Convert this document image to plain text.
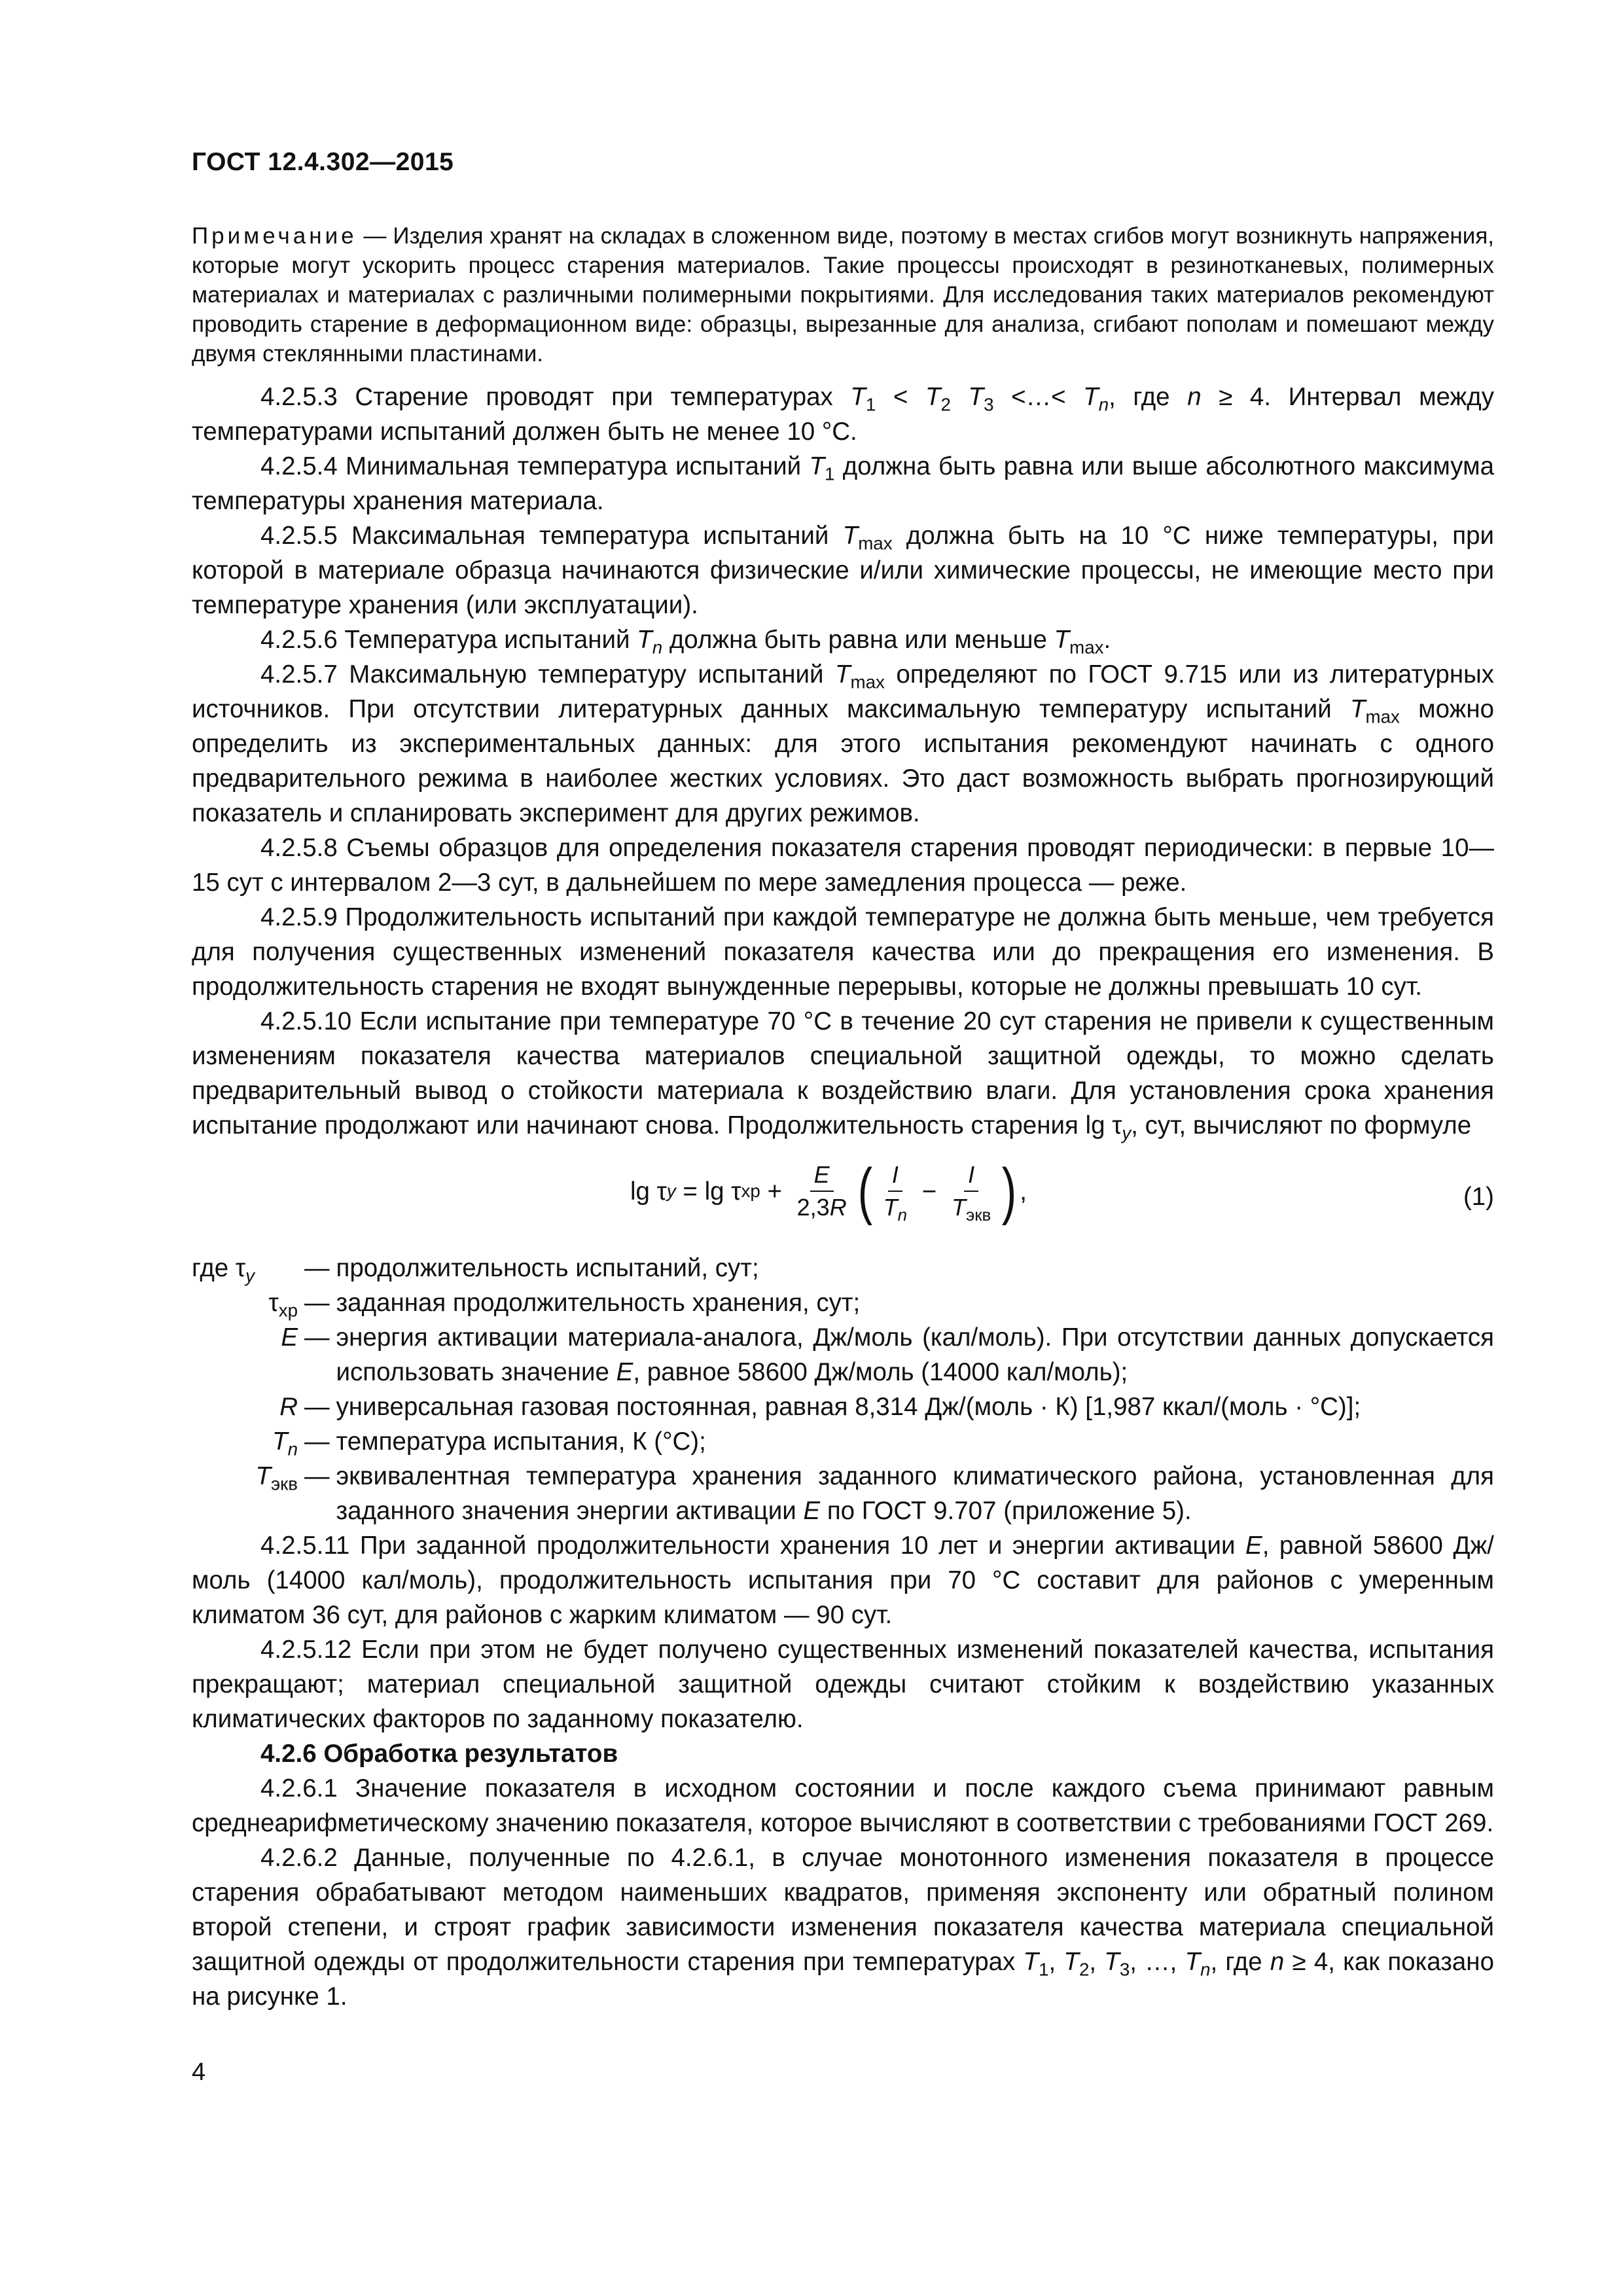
ГОСТ 12.4.302—2015
Примечание — Изделия хранят на складах в сложенном виде, поэтому в местах сгибов могут возникнуть напряжения, которые могут ускорить процесс старения материалов. Такие процессы происходят в резинотканевых, полимерных материалах и материалах с различными полимерными покрытиями. Для исследования таких материалов рекомендуют проводить старение в деформационном виде: образцы, вырезанные для анализа, сгибают пополам и помешают между двумя стеклянными пластинами.

4.2.5.3 Старение проводят при температурах $T_1 < T_2$ $T_3$ <…< $T_n$, где n ≥ 4. Интервал между температурами испытаний должен быть не менее 10 °С.

4.2.5.4 Минимальная температура испытаний $T_1$ должна быть равна или выше абсолютного максимума температуры хранения материала.

4.2.5.5 Максимальная температура испытаний $T_{max}$ должна быть на 10 °С ниже температуры, при которой в материале образца начинаются физические и/или химические процессы, не имеющие место при температуре хранения (или эксплуатации).

4.2.5.6 Температура испытаний $T_n$ должна быть равна или меньше $T_{max}$.

4.2.5.7 Максимальную температуру испытаний $T_{max}$ определяют по ГОСТ 9.715 или из литературных источников. При отсутствии литературных данных максимальную температуру испытаний $T_{max}$ можно определить из экспериментальных данных: для этого испытания рекомендуют начинать с одного предварительного режима в наиболее жестких условиях. Это даст возможность выбрать прогнозирующий показатель и спланировать эксперимент для других режимов.

4.2.5.8 Съемы образцов для определения показателя старения проводят периодически: в первые 10—15 сут с интервалом 2—3 сут, в дальнейшем по мере замедления процесса — реже.

4.2.5.9 Продолжительность испытаний при каждой температуре не должна быть меньше, чем требуется для получения существенных изменений показателя качества или до прекращения его изменения. В продолжительность старения не входят вынужденные перерывы, которые не должны превышать 10 сут.

4.2.5.10 Если испытание при температуре 70 °С в течение 20 сут старения не привели к существенным изменениям показателя качества материалов специальной защитной одежды, то можно сделать предварительный вывод о стойкости материала к воздействию влаги. Для установления срока хранения испытание продолжают или начинают снова. Продолжительность старения $\lg \tau_y$, сут, вычисляют по формуле

lg τ y = lg τ хр + $\frac{E}{2,3R}$ ( $\frac{I}{T_n} - \frac{I}{T_{экв}}$ ) ,	(1)
где $\tau_y$	— продолжительность испытаний, сут;
$\tau_{хр}$ — заданная продолжительность хранения, сут;
E — энергия активации материала-аналога, Дж/моль (кал/моль). При отсутствии данных допускается использовать значение E, равное 58600 Дж/моль (14000 кал/моль);
R — универсальная газовая постоянная, равная 8,314 Дж/(моль · К) [1,987 ккал/(моль · °С)];
$T_n$ — температура испытания, К (°С);
$T_{экв}$ — эквивалентная температура хранения заданного климатического района, установленная для заданного значения энергии активации E по ГОСТ 9.707 (приложение 5).

4.2.5.11 При заданной продолжительности хранения 10 лет и энергии активации E, равной 58600 Дж/моль (14000 кал/моль), продолжительность испытания при 70 °С составит для районов с умеренным климатом 36 сут, для районов с жарким климатом — 90 сут.

4.2.5.12 Если при этом не будет получено существенных изменений показателей качества, испытания прекращают; материал специальной защитной одежды считают стойким к воздействию указанных климатических факторов по заданному показателю.

4.2.6 Обработка результатов

4.2.6.1 Значение показателя в исходном состоянии и после каждого съема принимают равным среднеарифметическому значению показателя, которое вычисляют в соответствии с требованиями ГОСТ 269.

4.2.6.2 Данные, полученные по 4.2.6.1, в случае монотонного изменения показателя в процессе старения обрабатывают методом наименьших квадратов, применяя экспоненту или обратный полином второй степени, и строят график зависимости изменения показателя качества материала специальной защитной одежды от продолжительности старения при температурах $T_1$, $T_2$, $T_3$, …, $T_n$, где n ≥ 4, как показано на рисунке 1.

4
